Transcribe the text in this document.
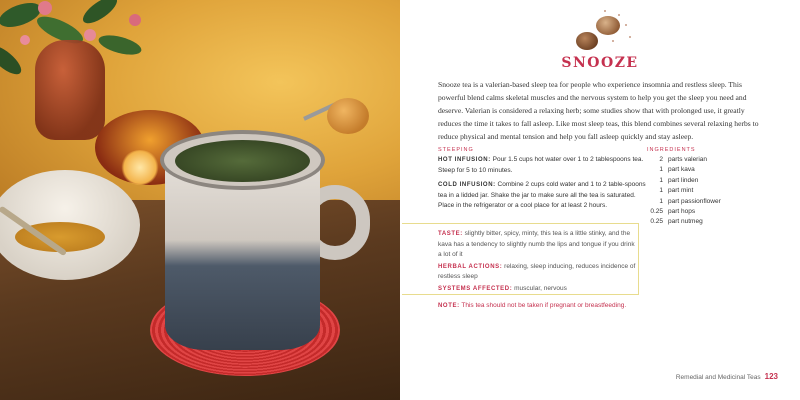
SNOOZE

Snooze tea is a valerian-based sleep tea for people who experience insomnia and restless sleep. This powerful blend calms skeletal muscles and the nervous system to help you get the sleep you need and deserve. Valerian is considered a relaxing herb; some studies show that with prolonged use, it greatly reduces the time it takes to fall asleep. Like most sleep teas, this blend combines several relaxing herbs to reduce physical and mental tension and help you fall asleep quickly and stay asleep.

STEEPING

HOT INFUSION: Pour 1.5 cups hot water over 1 to 2 tablespoons tea. Steep for 5 to 10 minutes.

COLD INFUSION: Combine 2 cups cold water and 1 to 2 table-spoons tea in a lidded jar. Shake the jar to make sure all the tea is saturated. Place in the refrigerator or a cool place for at least 2 hours.

INGREDIENTS
2 parts valerian
1 part kava
1 part linden
1 part mint
1 part passionflower
0.25 part hops
0.25 part nutmeg

TASTE: slightly bitter, spicy, minty, this tea is a little stinky, and the kava has a tendency to slightly numb the lips and tongue if you drink a lot of it

HERBAL ACTIONS: relaxing, sleep inducing, reduces incidence of restless sleep

SYSTEMS AFFECTED: muscular, nervous

NOTE: This tea should not be taken if pregnant or breastfeeding.
Remedial and Medicinal Teas 123
